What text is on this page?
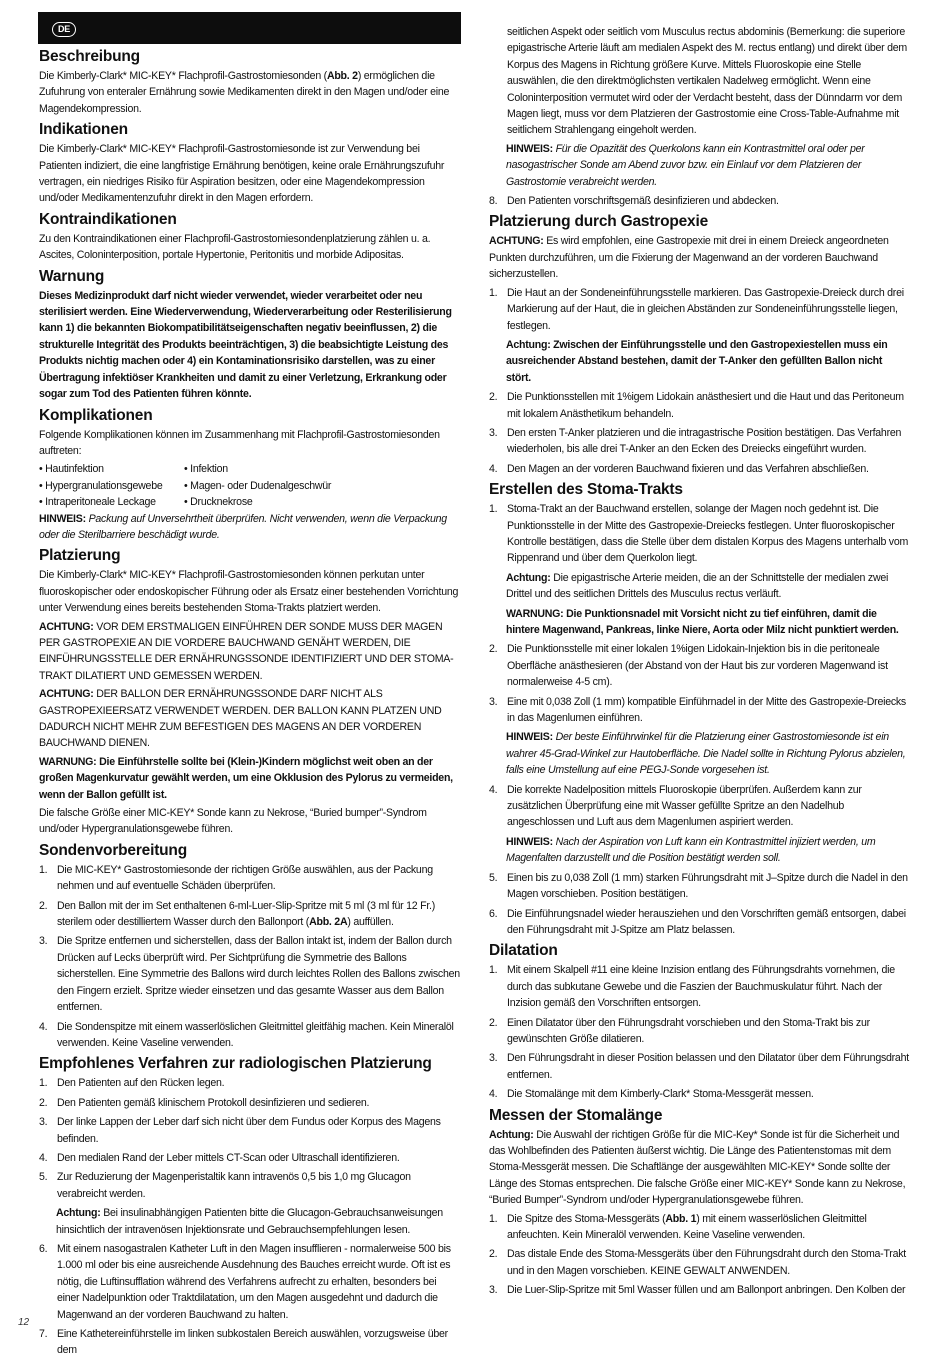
DE
Beschreibung

Die Kimberly-Clark* MIC-KEY* Flachprofil-Gastrostomiesonden (Abb. 2) ermöglichen die Zufuhrung von enteraler Ernährung sowie Medikamenten direkt in den Magen und/oder eine Magendekompression.

Indikationen

Die Kimberly-Clark* MIC-KEY* Flachprofil-Gastrostomiesonde ist zur Verwendung bei Patienten indiziert, die eine langfristige Ernährung benötigen, keine orale Ernährungszufuhr vertragen, ein niedriges Risiko für Aspiration besitzen, oder eine Magendekompression und/oder Medikamentenzufuhr direkt in den Magen erfordern.

Kontraindikationen

Zu den Kontraindikationen einer Flachprofil-Gastrostomiesondenplatzierung zählen u. a. Ascites, Coloninterposition, portale Hypertonie, Peritonitis und morbide Adipositas.

Warnung

Dieses Medizinprodukt darf nicht wieder verwendet, wieder verarbeitet oder neu sterilisiert werden. Eine Wiederverwendung, Wiederverarbeitung oder Resterilisierung kann 1) die bekannten Biokompatibilitätseigenschaften negativ beeinflussen, 2) die strukturelle Integrität des Produkts beeinträchtigen, 3) die beabsichtigte Leistung des Produkts nichtig machen oder 4) ein Kontaminationsrisiko darstellen, was zu einer Übertragung infektiöser Krankheiten und damit zu einer Verletzung, Erkrankung oder sogar zum Tod des Patienten führen könnte.

Komplikationen

Folgende Komplikationen können im Zusammenhang mit Flachprofil-Gastrostomiesonden auftreten:

• Hautinfektion
• Hypergranulationsgewebe
• Intraperitoneale Leckage
• Infektion
• Magen- oder Dudenalgeschwür
• Drucknekrose

HINWEIS: Packung auf Unversehrtheit überprüfen. Nicht verwenden, wenn die Verpackung oder die Sterilbarriere beschädigt wurde.

Platzierung

Die Kimberly-Clark* MIC-KEY* Flachprofil-Gastrostomiesonden können perkutan unter fluoroskopischer oder endoskopischer Führung oder als Ersatz einer bestehenden Vorrichtung unter Verwendung eines bereits bestehenden Stoma-Trakts platziert werden.

ACHTUNG: VOR DEM ERSTMALIGEN EINFÜHREN DER SONDE MUSS DER MAGEN PER GASTROPEXIE AN DIE VORDERE BAUCHWAND GENÄHT WERDEN, DIE EINFÜHRUNGSSTELLE DER ERNÄHRUNGSSONDE IDENTIFIZIERT UND DER STOMA-TRAKT DILATIERT UND GEMESSEN WERDEN.

ACHTUNG: DER BALLON DER ERNÄHRUNGSSONDE DARF NICHT ALS GASTROPEXIEERSATZ VERWENDET WERDEN. DER BALLON KANN PLATZEN UND DADURCH NICHT MEHR ZUM BEFESTIGEN DES MAGENS AN DER VORDEREN BAUCHWAND DIENEN.

WARNUNG: Die Einführstelle sollte bei (Klein-)Kindern möglichst weit oben an der großen Magenkurvatur gewählt werden, um eine Okklusion des Pylorus zu vermeiden, wenn der Ballon gefüllt ist.

Die falsche Größe einer MIC-KEY* Sonde kann zu Nekrose, “Buried bumper”-Syndrom und/oder Hypergranulationsgewebe führen.

Sondenvorbereitung
1. Die MIC-KEY* Gastrostomiesonde der richtigen Größe auswählen, aus der Packung nehmen und auf eventuelle Schäden überprüfen.
2. Den Ballon mit der im Set enthaltenen 6-ml-Luer-Slip-Spritze mit 5 ml (3 ml für 12 Fr.) sterilem oder destilliertem Wasser durch den Ballonport (Abb. 2A) auffüllen.
3. Die Spritze entfernen und sicherstellen, dass der Ballon intakt ist, indem der Ballon durch Drücken auf Lecks überprüft wird. Per Sichtprüfung die Symmetrie des Ballons sicherstellen. Eine Symmetrie des Ballons wird durch leichtes Rollen des Ballons zwischen den Fingern erzielt. Spritze wieder einsetzen und das gesamte Wasser aus dem Ballon entfernen.
4. Die Sondenspitze mit einem wasserlöslichen Gleitmittel gleitfähig machen. Kein Mineralöl verwenden. Keine Vaseline verwenden.
Empfohlenes Verfahren zur radiologischen Platzierung
1. Den Patienten auf den Rücken legen.
2. Den Patienten gemäß klinischem Protokoll desinfizieren und sedieren.
3. Der linke Lappen der Leber darf sich nicht über dem Fundus oder Korpus des Magens befinden.
4. Den medialen Rand der Leber mittels CT-Scan oder Ultraschall identifizieren.
5. Zur Reduzierung der Magenperistaltik kann intravenös 0,5 bis 1,0 mg Glucagon verabreicht werden.

Achtung: Bei insulinabhängigen Patienten bitte die Glucagon-Gebrauchsanweisungen hinsichtlich der intravenösen Injektionsrate und Gebrauchsempfehlungen lesen.

6. Mit einem nasogastralen Katheter Luft in den Magen insufflieren - normalerweise 500 bis 1.000 ml oder bis eine ausreichende Ausdehnung des Bauches erreicht wurde. Oft ist es nötig, die Luftinsufflation während des Verfahrens aufrecht zu erhalten, besonders bei einer Nadelpunktion oder Traktdilatation, um den Magen ausgedehnt und dadurch die Magenwand an der vorderen Bauchwand zu halten.
7. Eine Kathetereinführstelle im linken subkostalen Bereich auswählen, vorzugsweise über dem

seitlichen Aspekt oder seitlich vom Musculus rectus abdominis (Bemerkung: die superiore epigastrische Arterie läuft am medialen Aspekt des M. rectus entlang) und direkt über dem Korpus des Magens in Richtung größere Kurve. Mittels Fluoroskopie eine Stelle auswählen, die den direktmöglichsten vertikalen Nadelweg ermöglicht. Wenn eine Coloninterposition vermutet wird oder der Verdacht besteht, dass der Dünndarm vor dem Magen liegt, muss vor dem Platzieren der Gastrostomie eine Cross-Table-Aufnahme mit seitlichem Strahlengang eingeholt werden.

HINWEIS: Für die Opazität des Querkolons kann ein Kontrastmittel oral oder per nasogastrischer Sonde am Abend zuvor bzw. ein Einlauf vor dem Platzieren der Gastrostomie verabreicht werden.

8. Den Patienten vorschriftsgemäß desinfizieren und abdecken.
Platzierung durch Gastropexie

ACHTUNG: Es wird empfohlen, eine Gastropexie mit drei in einem Dreieck angeordneten Punkten durchzuführen, um die Fixierung der Magenwand an der vorderen Bauchwand sicherzustellen.

1. Die Haut an der Sondeneinführungsstelle markieren. Das Gastropexie-Dreieck durch drei Markierung auf der Haut, die in gleichen Abständen zur Sondeneinführungsstelle liegen, festlegen.

Achtung: Zwischen der Einführungsstelle und den Gastropexiestellen muss ein ausreichender Abstand bestehen, damit der T-Anker den gefüllten Ballon nicht stört.

2. Die Punktionsstellen mit 1%igem Lidokain anästhesiert und die Haut und das Peritoneum mit lokalem Anästhetikum behandeln.
3. Den ersten T-Anker platzieren und die intragastrische Position bestätigen. Das Verfahren wiederholen, bis alle drei T-Anker an den Ecken des Dreiecks eingeführt wurden.
4. Den Magen an der vorderen Bauchwand fixieren und das Verfahren abschließen.
Erstellen des Stoma-Trakts
1. Stoma-Trakt an der Bauchwand erstellen, solange der Magen noch gedehnt ist. Die Punktionsstelle in der Mitte des Gastropexie-Dreiecks festlegen. Unter fluoroskopischer Kontrolle bestätigen, dass die Stelle über dem distalen Korpus des Magens unterhalb vom Rippenrand und über dem Querkolon liegt.

Achtung: Die epigastrische Arterie meiden, die an der Schnittstelle der medialen zwei Drittel und des seitlichen Drittels des Musculus rectus verläuft.

WARNUNG: Die Punktionsnadel mit Vorsicht nicht zu tief einführen, damit die hintere Magenwand, Pankreas, linke Niere, Aorta oder Milz nicht punktiert werden.

2. Die Punktionsstelle mit einer lokalen 1%igen Lidokain-Injektion bis in die peritoneale Oberfläche anästhesieren (der Abstand von der Haut bis zur vorderen Magenwand ist normalerweise 4-5 cm).
3. Eine mit 0,038 Zoll (1 mm) kompatible Einführnadel in der Mitte des Gastropexie-Dreiecks in das Magenlumen einführen.

HINWEIS: Der beste Einführwinkel für die Platzierung einer Gastrostomiesonde ist ein wahrer 45-Grad-Winkel zur Hautoberfläche. Die Nadel sollte in Richtung Pylorus abzielen, falls eine Umstellung auf eine PEGJ-Sonde vorgesehen ist.

4. Die korrekte Nadelposition mittels Fluoroskopie überprüfen. Außerdem kann zur zusätzlichen Überprüfung eine mit Wasser gefüllte Spritze an den Nadelhub angeschlossen und Luft aus dem Magenlumen aspiriert werden.

HINWEIS: Nach der Aspiration von Luft kann ein Kontrastmittel injiziert werden, um Magenfalten darzustellt und die Position bestätigt werden soll.

5. Einen bis zu 0,038 Zoll (1 mm) starken Führungsdraht mit J–Spitze durch die Nadel in den Magen vorschieben. Position bestätigen.
6. Die Einführungsnadel wieder herausziehen und den Vorschriften gemäß entsorgen, dabei den Führungsdraht mit J-Spitze am Platz belassen.
Dilatation
1. Mit einem Skalpell #11 eine kleine Inzision entlang des Führungsdrahts vornehmen, die durch das subkutane Gewebe und die Faszien der Bauchmuskulatur führt. Nach der Inzision gemäß den Vorschriften entsorgen.
2. Einen Dilatator über den Führungsdraht vorschieben und den Stoma-Trakt bis zur gewünschten Größe dilatieren.
3. Den Führungsdraht in dieser Position belassen und den Dilatator über dem Führungsdraht entfernen.
4. Die Stomalänge mit dem Kimberly-Clark* Stoma-Messgerät messen.
Messen der Stomalänge

Achtung: Die Auswahl der richtigen Größe für die MIC-Key* Sonde ist für die Sicherheit und das Wohlbefinden des Patienten äußerst wichtig. Die Länge des Patientenstomas mit dem Stoma-Messgerät messen. Die Schaftlänge der ausgewählten MIC-KEY* Sonde sollte der Länge des Stomas entsprechen. Die falsche Größe einer MIC-KEY* Sonde kann zu Nekrose, “Buried Bumper”-Syndrom und/oder Hypergranulationsgewebe führen.

1. Die Spitze des Stoma-Messgeräts (Abb. 1) mit einem wasserlöslichen Gleitmittel anfeuchten. Kein Mineralöl verwenden. Keine Vaseline verwenden.
2. Das distale Ende des Stoma-Messgeräts über den Führungsdraht durch den Stoma-Trakt und in den Magen vorschieben. KEINE GEWALT ANWENDEN.
3. Die Luer-Slip-Spritze mit 5ml Wasser füllen und am Ballonport anbringen. Den Kolben der
12
